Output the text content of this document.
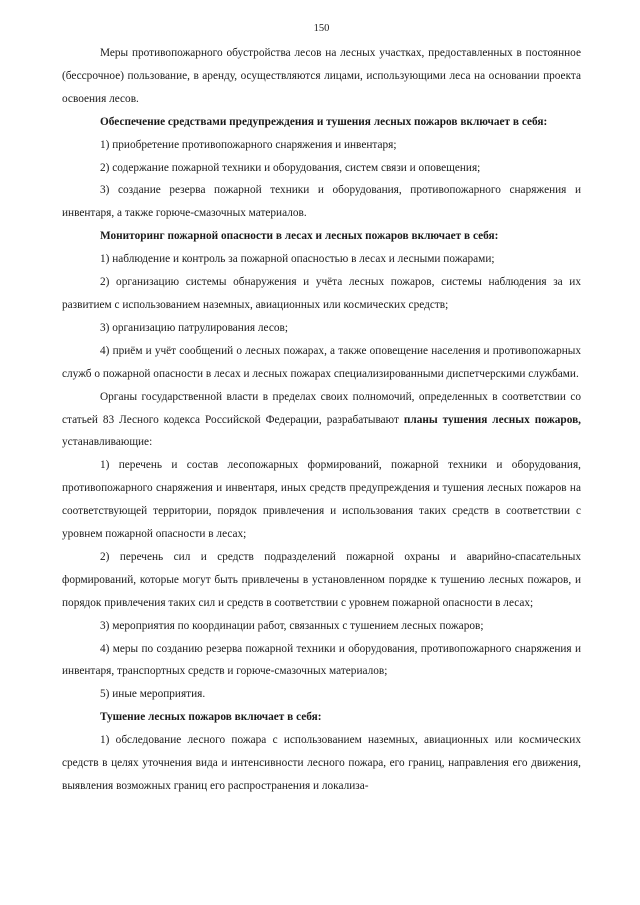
150

Меры противопожарного обустройства лесов на лесных участках, предоставленных в постоянное (бессрочное) пользование, в аренду, осуществляются лицами, использующими леса на основании проекта освоения лесов.

Обеспечение средствами предупреждения и тушения лесных пожаров включает в себя:

1) приобретение противопожарного снаряжения и инвентаря;

2) содержание пожарной техники и оборудования, систем связи и оповещения;

3) создание резерва пожарной техники и оборудования, противопожарного снаряжения и инвентаря, а также горюче-смазочных материалов.

Мониторинг пожарной опасности в лесах и лесных пожаров включает в себя:

1) наблюдение и контроль за пожарной опасностью в лесах и лесными пожарами;

2) организацию системы обнаружения и учёта лесных пожаров, системы наблюдения за их развитием с использованием наземных, авиационных или космических средств;

3) организацию патрулирования лесов;

4) приём и учёт сообщений о лесных пожарах, а также оповещение населения и противопожарных служб о пожарной опасности в лесах и лесных пожарах специализированными диспетчерскими службами.

Органы государственной власти в пределах своих полномочий, определенных в соответствии со статьей 83 Лесного кодекса Российской Федерации, разрабатывают планы тушения лесных пожаров, устанавливающие:

1) перечень и состав лесопожарных формирований, пожарной техники и оборудования, противопожарного снаряжения и инвентаря, иных средств предупреждения и тушения лесных пожаров на соответствующей территории, порядок привлечения и использования таких средств в соответствии с уровнем пожарной опасности в лесах;

2) перечень сил и средств подразделений пожарной охраны и аварийно-спасательных формирований, которые могут быть привлечены в установленном порядке к тушению лесных пожаров, и порядок привлечения таких сил и средств в соответствии с уровнем пожарной опасности в лесах;

3) мероприятия по координации работ, связанных с тушением лесных пожаров;

4) меры по созданию резерва пожарной техники и оборудования, противопожарного снаряжения и инвентаря, транспортных средств и горюче-смазочных материалов;

5) иные мероприятия.

Тушение лесных пожаров включает в себя:

1) обследование лесного пожара с использованием наземных, авиационных или космических средств в целях уточнения вида и интенсивности лесного пожара, его границ, направления его движения, выявления возможных границ его распространения и локализа-
